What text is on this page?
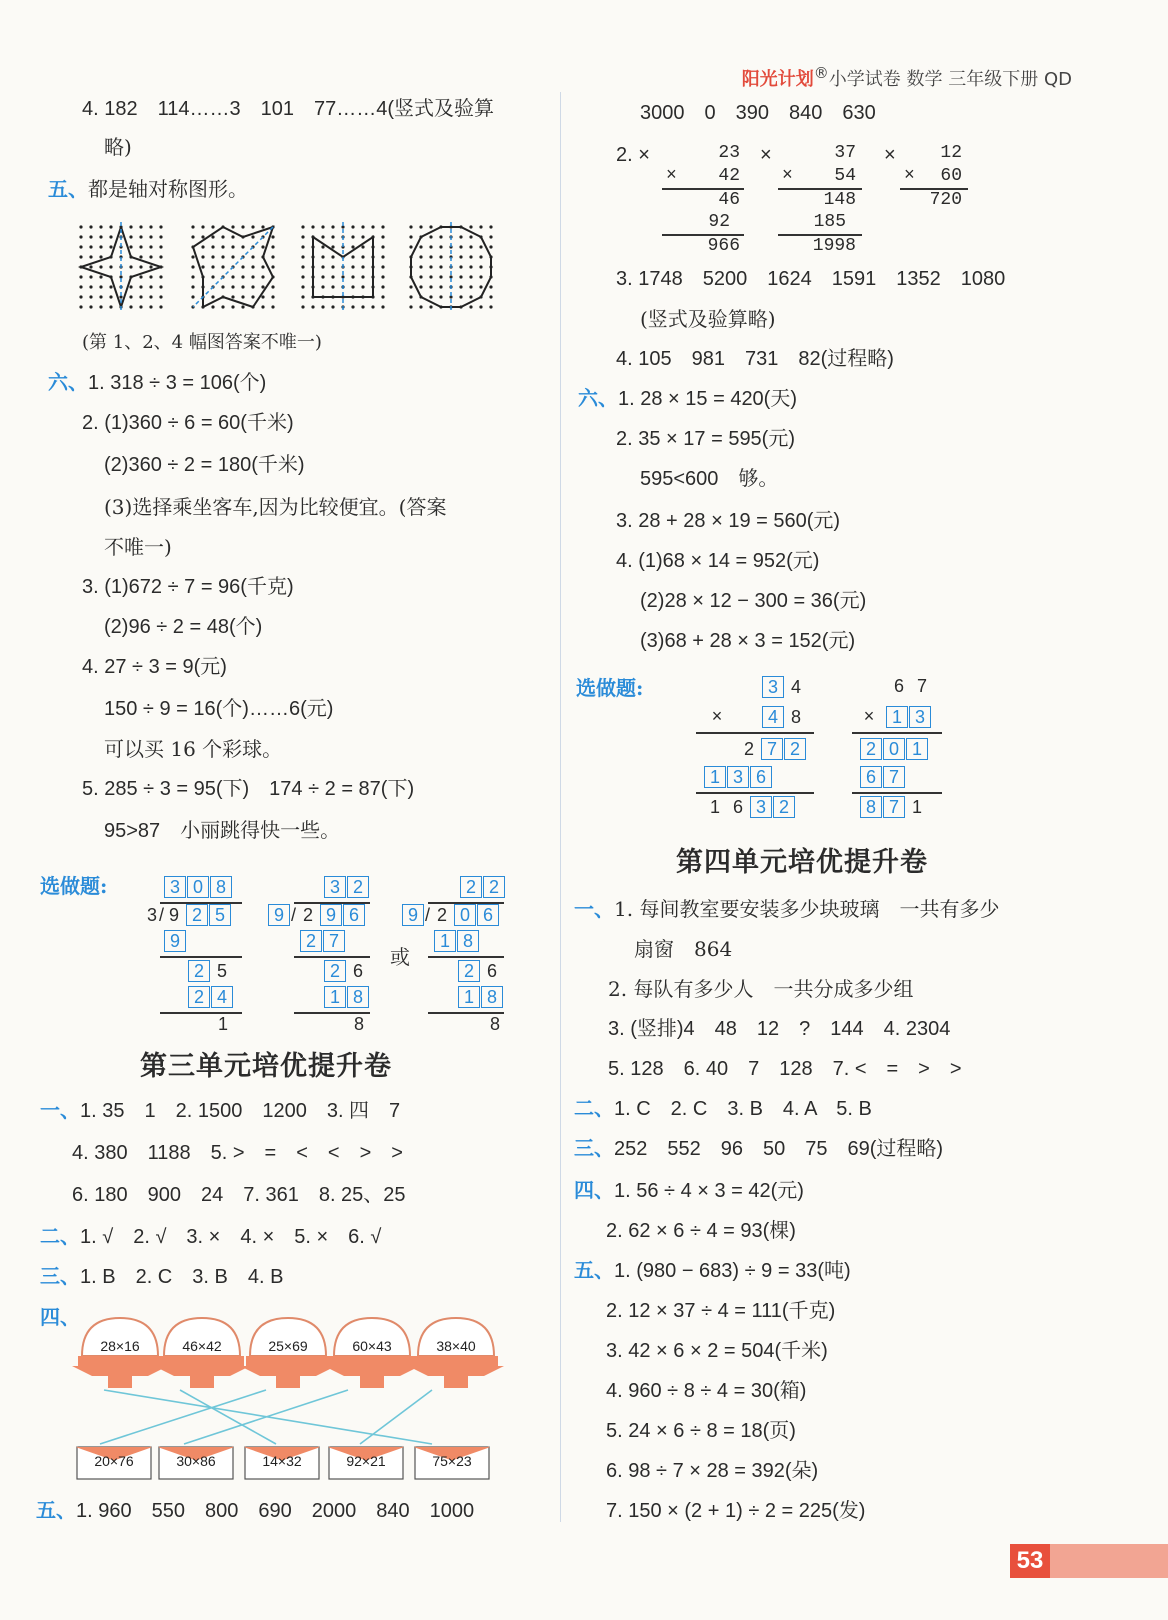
阳光计划®小学试卷 数学 三年级下册 QD
4. 182　114……3　101　77……4(竖式及验算
略)
五、都是轴对称图形。
(第 1、2、4 幅图答案不唯一)
六、1. 318 ÷ 3 = 106(个)
2. (1)360 ÷ 6 = 60(千米)
(2)360 ÷ 2 = 180(千米)
(3)选择乘坐客车,因为比较便宜。(答案
不唯一)
3. (1)672 ÷ 7 = 96(千克)
(2)96 ÷ 2 = 48(个)
4. 27 ÷ 3 = 9(元)
150 ÷ 9 = 16(个)……6(元)
可以买 16 个彩球。
5. 285 ÷ 3 = 95(下)　174 ÷ 2 = 87(下)
95>87　小丽跳得快一些。
选做题:	3 0 8
3 / 9 2 5
9
2 5
2 4
1
3 2
9 / 2 9 6
2 7
2 6
1 8
8
或
2 2
9 / 2 0 6
1 8
2 6
1 8
8
第三单元培优提升卷
一、1. 35　1　2. 1500　1200　3. 四　7
4. 380　1188　5. >　=　<　<　>　>
6. 180　900　24　7. 361　8. 25、25
二、1. √　2. √　3. ×　4. ×　5. ×　6. √
三、1. B　2. C　3. B　4. B
四、
28×16	46×42	25×69	60×43	38×40
20×76	30×86	14×32	92×21	75×23
五、1. 960　550　800　690　2000　840　1000
3000　0　390　840　630
2. ×	23
×	42
46
92
966
×	37
×	54
148
185
1998
×	12
×	60
720
3. 1748　5200　1624　1591　1352　1080
(竖式及验算略)
4. 105　981　731　82(过程略)
六、1. 28 × 15 = 420(天)
2. 35 × 17 = 595(元)
595<600　够。
3. 28 + 28 × 19 = 560(元)
4. (1)68 × 14 = 952(元)
(2)28 × 12 − 300 = 36(元)
(3)68 + 28 × 3 = 152(元)
选做题:	3 4
×	4 8
2 7 2
1 3 6
1 6 3 2
6 7
× 1 3
2 0 1
6 7
8 7 1
第四单元培优提升卷
一、1. 每间教室要安装多少块玻璃　一共有多少
扇窗　864
2. 每队有多少人　一共分成多少组
3. (竖排)4　48　12　?　144　4. 2304
5. 128　6. 40　7　128　7. <　=　>　>
二、1. C　2. C　3. B　4. A　5. B
三、252　552　96　50　75　69(过程略)
四、1. 56 ÷ 4 × 3 = 42(元)
2. 62 × 6 ÷ 4 = 93(棵)
五、1. (980 − 683) ÷ 9 = 33(吨)
2. 12 × 37 ÷ 4 = 111(千克)
3. 42 × 6 × 2 = 504(千米)
4. 960 ÷ 8 ÷ 4 = 30(箱)
5. 24 × 6 ÷ 8 = 18(页)
6. 98 ÷ 7 × 28 = 392(朵)
7. 150 × (2 + 1) ÷ 2 = 225(发)
53
